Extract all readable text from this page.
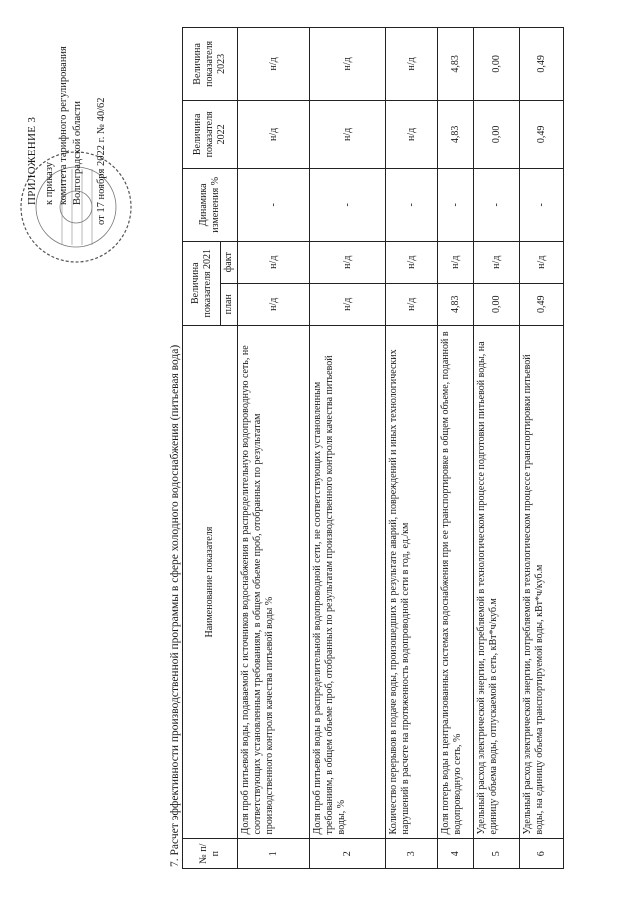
ПРИЛОЖЕНИЕ 3 к приказу комитета тарифного регулирования Волгоградской области от 17 ноября 2022 г. № 40/62
7. Расчет эффективности производственной программы в сфере холодного водоснабжения (питьевая вода) № п/п	Наименование показателя	Величина показателя 2021		Динамика изменения %	Величина показателя 2022	Величина показателя 2023
		план	факт			
1	Доля проб питьевой воды, подаваемой с источников водоснабжения в распределительную водопроводную сеть, не соответствующих установленным требованиям, в общем объеме проб, отобранных по результатам производственного контроля качества питьевой воды %	н/д	н/д	-	н/д	н/д
2	Доля проб питьевой воды в распределительной водопроводной сети, не соответствующих установленным требованиям, в общем объеме проб, отобранных по результатам производственного контроля качества питьевой воды, %	н/д	н/д	-	н/д	н/д
3	Количество перерывов в подаче воды, произошедших в результате аварий, повреждений и иных технологических нарушений в расчете на протяженность водопроводной сети в год, ед./км	н/д	н/д	-	н/д	н/д
4	Доля потерь воды в централизованных системах водоснабжения при ее транспортировке в общем объеме, поданной в водопроводную сеть, %	4,83	н/д	-	4,83	4,83
5	Удельный расход электрической энергии, потребляемой в технологическом процессе подготовки питьевой воды, на единицу объема воды, отпускаемой в сеть, кВт*ч/куб.м	0,00	н/д	-	0,00	0,00
6	Удельный расход электрической энергии, потребляемой в технологическом процессе транспортировки питьевой воды, на единицу объема транспортируемой воды, кВт*ч/куб.м	0,49	н/д	-	0,49	0,49
